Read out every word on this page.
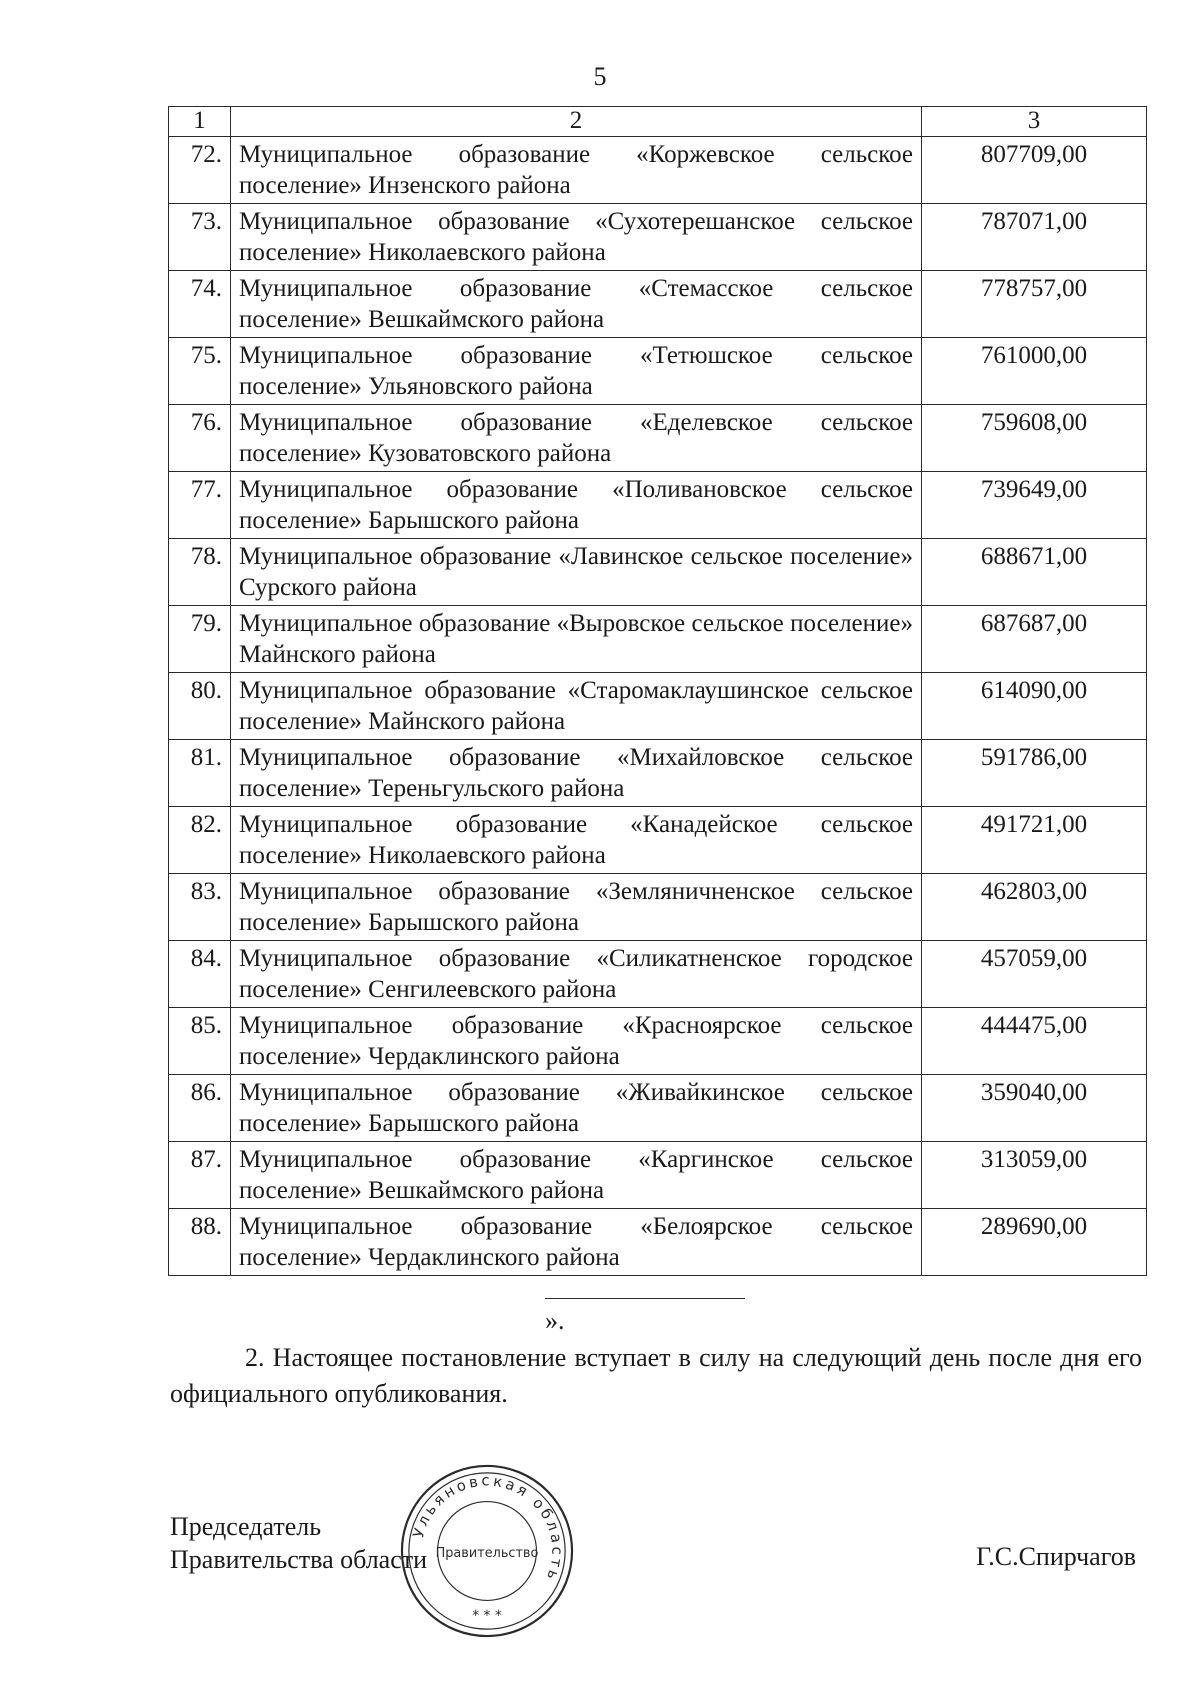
5
1	2	3
72.	Муниципальное образование «Коржевское сельское поселение» Инзенского района	807709,00
73.	Муниципальное образование «Сухотерешанское сельское поселение» Николаевского района	787071,00
74.	Муниципальное образование «Стемасское сельское поселение» Вешкаймского района	778757,00
75.	Муниципальное образование «Тетюшское сельское поселение» Ульяновского района	761000,00
76.	Муниципальное образование «Еделевское сельское поселение» Кузоватовского района	759608,00
77.	Муниципальное образование «Поливановское сельское поселение» Барышского района	739649,00
78.	Муниципальное образование «Лавинское сельское поселение» Сурского района	688671,00
79.	Муниципальное образование «Выровское сельское поселение» Майнского района	687687,00
80.	Муниципальное образование «Старомаклаушинское сельское поселение» Майнского района	614090,00
81.	Муниципальное образование «Михайловское сельское поселение» Тереньгульского района	591786,00
82.	Муниципальное образование «Канадейское сельское поселение» Николаевского района	491721,00
83.	Муниципальное образование «Земляничненское сельское поселение» Барышского района	462803,00
84.	Муниципальное образование «Силикатненское городское поселение» Сенгилеевского района	457059,00
85.	Муниципальное образование «Красноярское сельское поселение» Чердаклинского района	444475,00
86.	Муниципальное образование «Живайкинское сельское поселение» Барышского района	359040,00
87.	Муниципальное образование «Каргинское сельское поселение» Вешкаймского района	313059,00
88.	Муниципальное образование «Белоярское сельское поселение» Чердаклинского района	289690,00
».
2. Настоящее постановление вступает в силу на следующий день после дня его официального опубликования.
Председатель
Правительства области	Г.С.Спирчагов
Ульяновская область
Правительство
* * *
